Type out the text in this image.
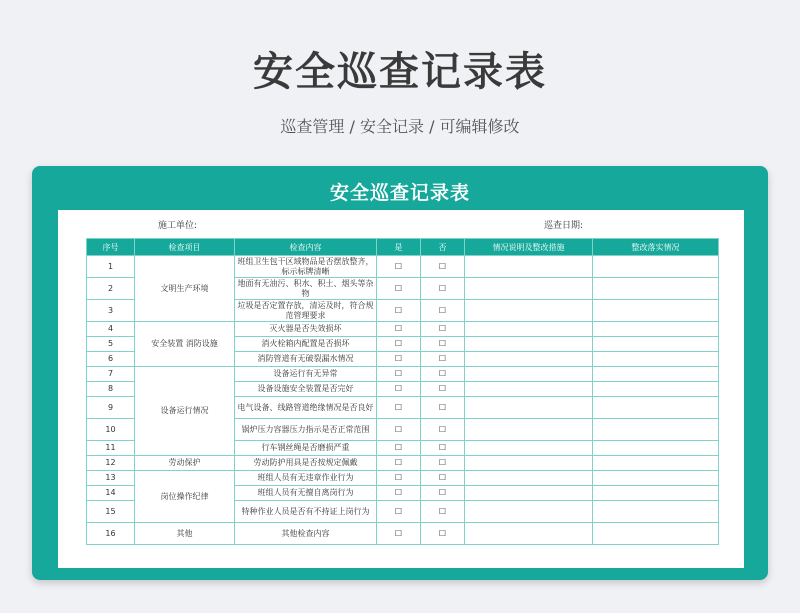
安全巡查记录表
巡查管理 / 安全记录 / 可编辑修改
安全巡查记录表
施工单位:	巡查日期:
序号	检查项目	检查内容	是	否	情况说明及整改措施	整改落实情况
1	文明生产环境	班组卫生包干区域物品是否摆放整齐，标示标牌清晰	☐	☐		
2		地面有无油污、积水、积土、烟头等杂物	☐	☐		
3		垃圾是否定置存放，清运及时，符合规范管理要求	☐	☐		
4	安全装置 消防设施	灭火器是否失效损坏	☐	☐		
5		消火栓箱内配置是否损坏	☐	☐		
6		消防管道有无破裂漏水情况	☐	☐		
7	设备运行情况	设备运行有无异常	☐	☐		
8		设备设施安全装置是否完好	☐	☐		
9		电气设备、线路管道绝缘情况是否良好	☐	☐		
10		锅炉压力容器压力指示是否正常范围	☐	☐		
11		行车钢丝绳是否磨损严重	☐	☐		
12	劳动保护	劳动防护用具是否按规定佩戴	☐	☐		
13	岗位操作纪律	班组人员有无违章作业行为	☐	☐		
14		班组人员有无擅自离岗行为	☐	☐		
15		特种作业人员是否有不持证上岗行为	☐	☐		
16	其他	其他检查内容	☐	☐		
